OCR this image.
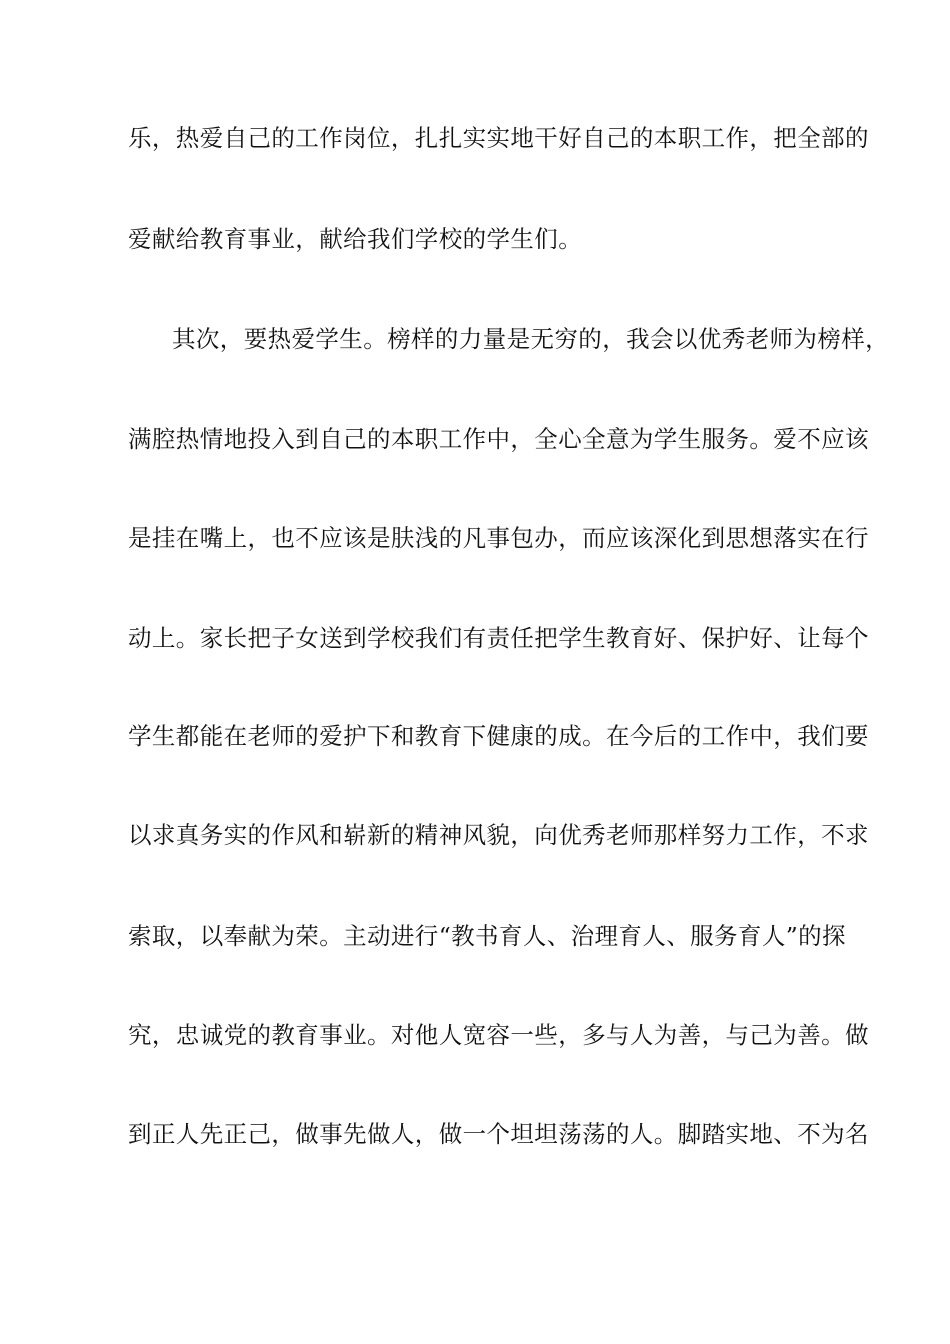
乐，热爱自己的工作岗位，扎扎实实地干好自己的本职工作，把全部的
爱献给教育事业，献给我们学校的学生们。
其次，要热爱学生。榜样的力量是无穷的，我会以优秀老师为榜样，
满腔热情地投入到自己的本职工作中，全心全意为学生服务。爱不应该
是挂在嘴上，也不应该是肤浅的凡事包办，而应该深化到思想落实在行
动上。家长把子女送到学校我们有责任把学生教育好、保护好、让每个
学生都能在老师的爱护下和教育下健康的成。在今后的工作中，我们要
以求真务实的作风和崭新的精神风貌，向优秀老师那样努力工作，不求
索取，以奉献为荣。主动进行“教书育人、治理育人、服务育人”的探
究，忠诚党的教育事业。对他人宽容一些，多与人为善，与己为善。做
到正人先正己，做事先做人，做一个坦坦荡荡的人。脚踏实地、不为名
